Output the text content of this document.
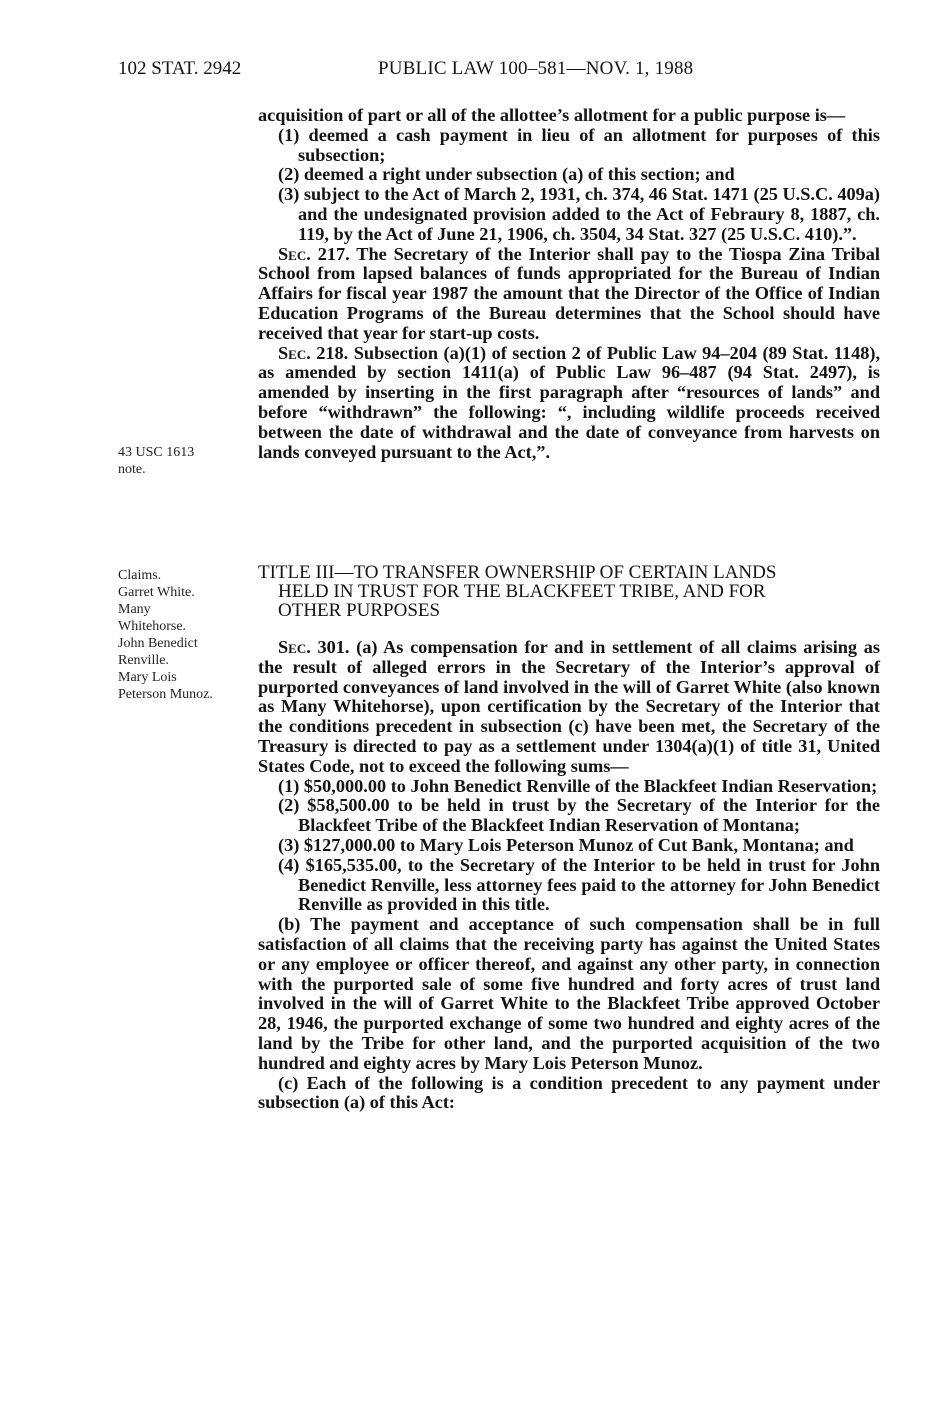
102 STAT. 2942	PUBLIC LAW 100–581—NOV. 1, 1988
43 USC 1613
note.
Claims.
Garret White.
Many
Whitehorse.
John Benedict
Renville.
Mary Lois
Peterson Munoz.

acquisition of part or all of the allottee’s allotment for a public purpose is—

(1) deemed a cash payment in lieu of an allotment for purposes of this subsection;

(2) deemed a right under subsection (a) of this section; and

(3) subject to the Act of March 2, 1931, ch. 374, 46 Stat. 1471 (25 U.S.C. 409a) and the undesignated provision added to the Act of Febraury 8, 1887, ch. 119, by the Act of June 21, 1906, ch. 3504, 34 Stat. 327 (25 U.S.C. 410).”.

Sec. 217. The Secretary of the Interior shall pay to the Tiospa Zina Tribal School from lapsed balances of funds appropriated for the Bureau of Indian Affairs for fiscal year 1987 the amount that the Director of the Office of Indian Education Programs of the Bureau determines that the School should have received that year for start-up costs.

Sec. 218. Subsection (a)(1) of section 2 of Public Law 94–204 (89 Stat. 1148), as amended by section 1411(a) of Public Law 96–487 (94 Stat. 2497), is amended by inserting in the first paragraph after “resources of lands” and before “withdrawn” the following: “, including wildlife proceeds received between the date of withdrawal and the date of conveyance from harvests on lands conveyed pursuant to the Act,”.

TITLE III—TO TRANSFER OWNERSHIP OF CERTAIN LANDS
HELD IN TRUST FOR THE BLACKFEET TRIBE, AND FOR
OTHER PURPOSES

Sec. 301. (a) As compensation for and in settlement of all claims arising as the result of alleged errors in the Secretary of the Interior’s approval of purported conveyances of land involved in the will of Garret White (also known as Many Whitehorse), upon certification by the Secretary of the Interior that the conditions precedent in subsection (c) have been met, the Secretary of the Treasury is directed to pay as a settlement under 1304(a)(1) of title 31, United States Code, not to exceed the following sums—

(1) $50,000.00 to John Benedict Renville of the Blackfeet Indian Reservation;

(2) $58,500.00 to be held in trust by the Secretary of the Interior for the Blackfeet Tribe of the Blackfeet Indian Reservation of Montana;

(3) $127,000.00 to Mary Lois Peterson Munoz of Cut Bank, Montana; and

(4) $165,535.00, to the Secretary of the Interior to be held in trust for John Benedict Renville, less attorney fees paid to the attorney for John Benedict Renville as provided in this title.

(b) The payment and acceptance of such compensation shall be in full satisfaction of all claims that the receiving party has against the United States or any employee or officer thereof, and against any other party, in connection with the purported sale of some five hundred and forty acres of trust land involved in the will of Garret White to the Blackfeet Tribe approved October 28, 1946, the purported exchange of some two hundred and eighty acres of the land by the Tribe for other land, and the purported acquisition of the two hundred and eighty acres by Mary Lois Peterson Munoz.

(c) Each of the following is a condition precedent to any payment under subsection (a) of this Act:
